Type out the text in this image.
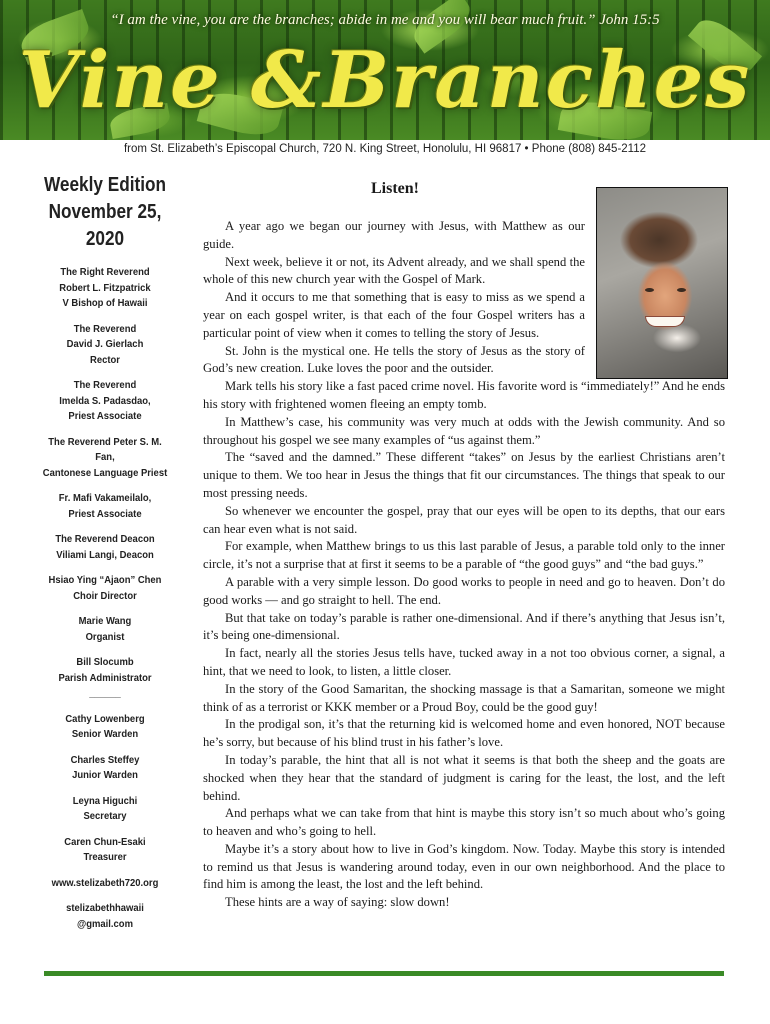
“I am the vine, you are the branches; abide in me and you will bear much fruit.” John 15:5
Vine &Branches
from St. Elizabeth’s Episcopal Church, 720 N. King Street, Honolulu, HI 96817 • Phone (808) 845-2112
Weekly Edition
November 25,
2020
The Right Reverend
Robert L. Fitzpatrick
V Bishop of Hawaii
The Reverend
David J. Gierlach
Rector
The Reverend
Imelda S. Padasdao,
Priest Associate
The Reverend Peter S. M. Fan,
Cantonese Language Priest
Fr. Mafi Vakameilalo,
Priest Associate
The Reverend Deacon
Viliami Langi, Deacon
Hsiao Ying “Ajaon” Chen
Choir Director
Marie Wang
Organist
Bill Slocumb
Parish Administrator
______
Cathy Lowenberg
Senior Warden
Charles Steffey
Junior Warden
Leyna Higuchi
Secretary
Caren Chun-Esaki
Treasurer
www.stelizabeth720.org
stelizabethhawaii
@gmail.com
Listen!

A year ago we began our journey with Jesus, with Matthew as our guide.

Next week, believe it or not, its Advent already, and we shall spend the whole of this new church year with the Gospel of Mark.

And it occurs to me that something that is easy to miss as we spend a year on each gospel writer, is that each of the four Gospel writers has a particular point of view when it comes to telling the story of Jesus.

St. John is the mystical one. He tells the story of Jesus as the story of God’s new creation. Luke loves the poor and the outsider.

Mark tells his story like a fast paced crime novel. His favorite word is “immediately!” And he ends his story with frightened women fleeing an empty tomb.

In Matthew’s case, his community was very much at odds with the Jewish community. And so throughout his gospel we see many examples of “us against them.”

The “saved and the damned.” These different “takes” on Jesus by the earliest Christians aren’t unique to them. We too hear in Jesus the things that fit our circumstances. The things that speak to our most pressing needs.

So whenever we encounter the gospel, pray that our eyes will be open to its depths, that our ears can hear even what is not said.

For example, when Matthew brings to us this last parable of Jesus, a parable told only to the inner circle, it’s not a surprise that at first it seems to be a parable of “the good guys” and “the bad guys.”

A parable with a very simple lesson. Do good works to people in need and go to heaven. Don’t do good works — and go straight to hell. The end.

But that take on today’s parable is rather one-dimensional. And if there’s anything that Jesus isn’t, it’s being one-dimensional.

In fact, nearly all the stories Jesus tells have, tucked away in a not too obvious corner, a signal, a hint, that we need to look, to listen, a little closer.

In the story of the Good Samaritan, the shocking massage is that a Samaritan, someone we might think of as a terrorist or KKK member or a Proud Boy, could be the good guy!

In the prodigal son, it’s that the returning kid is welcomed home and even honored, NOT because he’s sorry, but because of his blind trust in his father’s love.

In today’s parable, the hint that all is not what it seems is that both the sheep and the goats are shocked when they hear that the standard of judgment is caring for the least, the lost, and the left behind.

And perhaps what we can take from that hint is maybe this story isn’t so much about who’s going to heaven and who’s going to hell.

Maybe it’s a story about how to live in God’s kingdom. Now. Today. Maybe this story is intended to remind us that Jesus is wandering around today, even in our own neighborhood. And the place to find him is among the least, the lost and the left behind.

These hints are a way of saying: slow down!
